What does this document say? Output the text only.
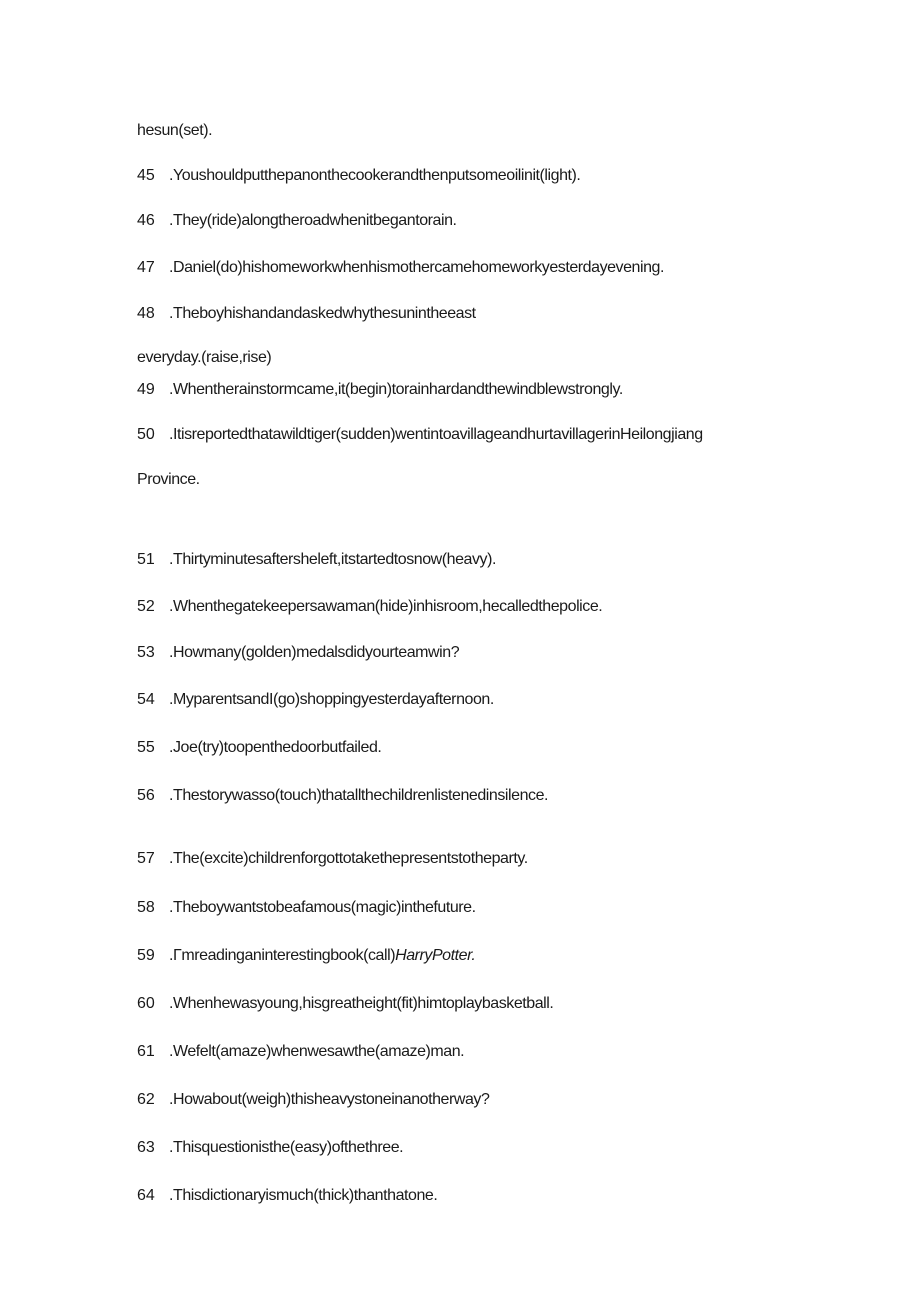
hesun(set).
45 .Youshouldputthepanonthecookerandthenputsomeoilinit(light).
46 .They(ride)alongtheroadwhenitbegantorain.
47 .Daniel(do)hishomeworkwhenhismothercamehomeworkyesterdayevening.
48 .Theboyhishandandaskedwhythesunintheeast
everyday.(raise,rise)
49 .Whentherainstormcame,it(begin)torainhardandthewindblewstrongly.
50 .Itisreportedthatawildtiger(sudden)wentintoavillageandhurtavillagerinHeilongjiang
Province.
51 .Thirtyminutesaftersheleft,itstartedtosnow(heavy).
52 .Whenthegatekeepersawaman(hide)inhisroom,hecalledthepolice.
53 .Howmany(golden)medalsdidyourteamwin?
54 .MyparentsandI(go)shoppingyesterdayafternoon.
55 .Joe(try)toopenthedoorbutfailed.
56 .Thestorywasso(touch)thatallthechildrenlistenedinsilence.
57 .The(excite)childrenforgottotakethepresentstotheparty.
58 .Theboywantstobeafamous(magic)inthefuture.
59 .Γmreadinganinterestingbook(call)HarryPotter.
60 .Whenhewasyoung,hisgreatheight(fit)himtoplaybasketball.
61 .Wefelt(amaze)whenwesawthe(amaze)man.
62 .Howabout(weigh)thisheavystoneinanotherway?
63 .Thisquestionisthe(easy)ofthethree.
64 .Thisdictionaryismuch(thick)thanthatone.
